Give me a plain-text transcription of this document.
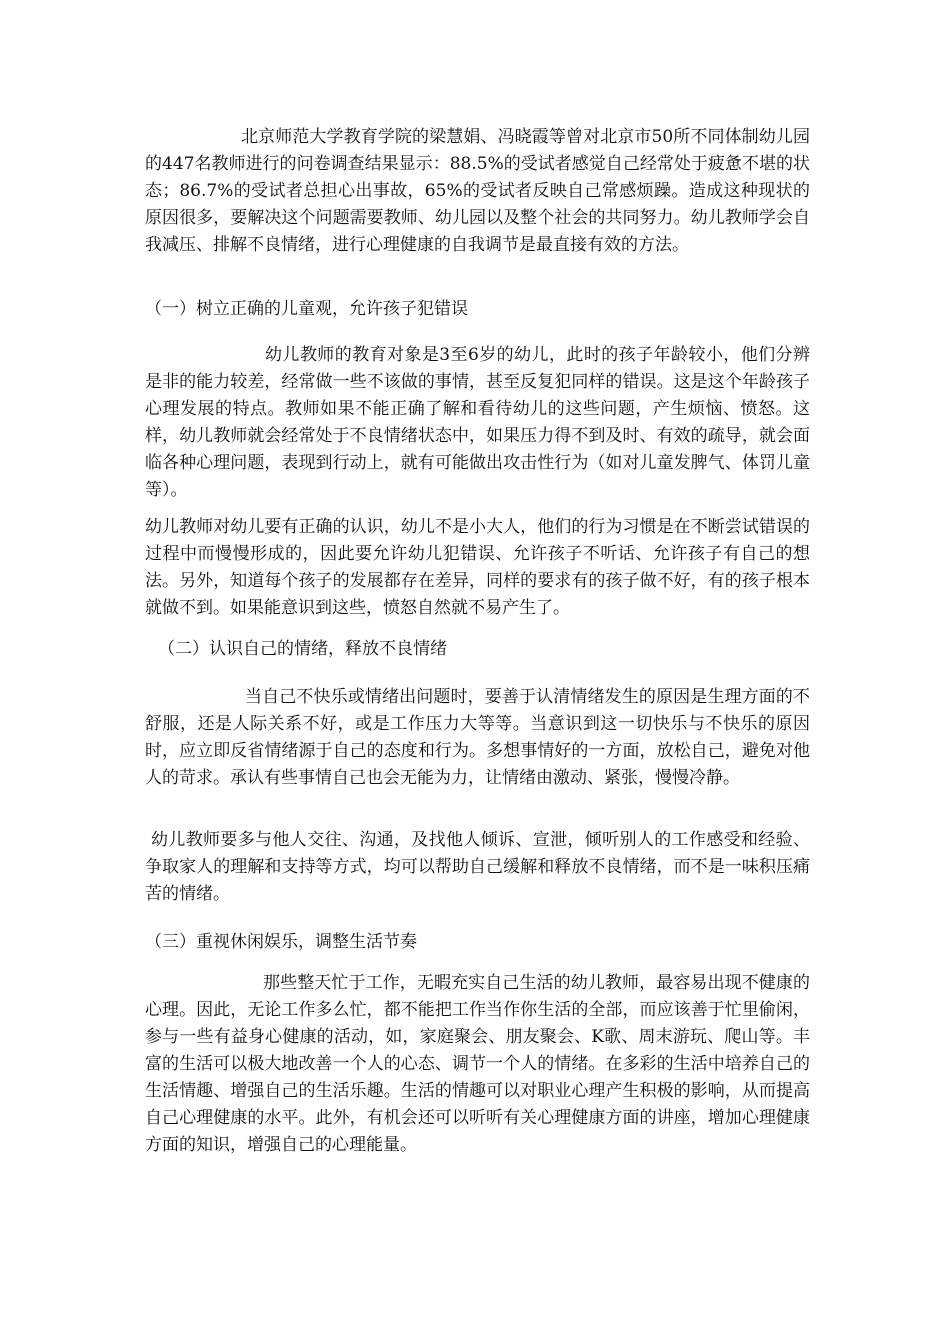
北京师范大学教育学院的梁慧娟、冯晓霞等曾对北京市50所不同体制幼儿园的447名教师进行的问卷调查结果显示：88.5%的受试者感觉自己经常处于疲惫不堪的状态；86.7%的受试者总担心出事故，65%的受试者反映自己常感烦躁。造成这种现状的原因很多，要解决这个问题需要教师、幼儿园以及整个社会的共同努力。幼儿教师学会自我减压、排解不良情绪，进行心理健康的自我调节是最直接有效的方法。

（一）树立正确的儿童观，允许孩子犯错误

幼儿教师的教育对象是3至6岁的幼儿，此时的孩子年龄较小，他们分辨是非的能力较差，经常做一些不该做的事情，甚至反复犯同样的错误。这是这个年龄孩子心理发展的特点。教师如果不能正确了解和看待幼儿的这些问题，产生烦恼、愤怒。这样，幼儿教师就会经常处于不良情绪状态中，如果压力得不到及时、有效的疏导，就会面临各种心理问题，表现到行动上，就有可能做出攻击性行为（如对儿童发脾气、体罚儿童等）。

幼儿教师对幼儿要有正确的认识，幼儿不是小大人，他们的行为习惯是在不断尝试错误的过程中而慢慢形成的，因此要允许幼儿犯错误、允许孩子不听话、允许孩子有自己的想法。另外，知道每个孩子的发展都存在差异，同样的要求有的孩子做不好，有的孩子根本就做不到。如果能意识到这些，愤怒自然就不易产生了。

（二）认识自己的情绪，释放不良情绪

当自己不快乐或情绪出问题时，要善于认清情绪发生的原因是生理方面的不舒服，还是人际关系不好，或是工作压力大等等。当意识到这一切快乐与不快乐的原因时，应立即反省情绪源于自己的态度和行为。多想事情好的一方面，放松自己，避免对他人的苛求。承认有些事情自己也会无能为力，让情绪由激动、紧张，慢慢冷静。

幼儿教师要多与他人交往、沟通，及找他人倾诉、宣泄，倾听别人的工作感受和经验、争取家人的理解和支持等方式，均可以帮助自己缓解和释放不良情绪，而不是一味积压痛苦的情绪。

（三）重视休闲娱乐，调整生活节奏

那些整天忙于工作，无暇充实自己生活的幼儿教师，最容易出现不健康的心理。因此，无论工作多么忙，都不能把工作当作你生活的全部，而应该善于忙里偷闲，参与一些有益身心健康的活动，如，家庭聚会、朋友聚会、K歌、周末游玩、爬山等。丰富的生活可以极大地改善一个人的心态、调节一个人的情绪。在多彩的生活中培养自己的生活情趣、增强自己的生活乐趣。生活的情趣可以对职业心理产生积极的影响，从而提高自己心理健康的水平。此外，有机会还可以听听有关心理健康方面的讲座，增加心理健康方面的知识，增强自己的心理能量。
